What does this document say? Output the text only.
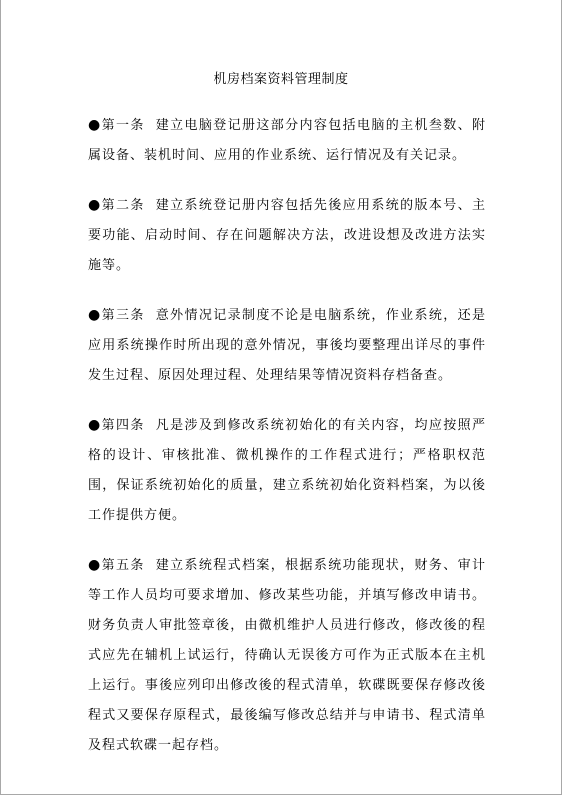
机房档案资料管理制度

●第一条 建立电脑登记册这部分内容包括电脑的主机叁数、附属设备、装机时间、应用的作业系统、运行情况及有关记录。

●第二条 建立系统登记册内容包括先後应用系统的版本号、主要功能、启动时间、存在问题解决方法，改进设想及改进方法实施等。

●第三条 意外情况记录制度不论是电脑系统，作业系统，还是应用系统操作时所出现的意外情况，事後均要整理出详尽的事件发生过程、原因处理过程、处理结果等情况资料存档备查。

●第四条 凡是涉及到修改系统初始化的有关内容，均应按照严格的设计、审核批准、微机操作的工作程式进行；严格职权范围，保证系统初始化的质量，建立系统初始化资料档案，为以後工作提供方便。

●第五条 建立系统程式档案，根据系统功能现状，财务、审计等工作人员均可要求增加、修改某些功能，并填写修改申请书。财务负责人审批签章後，由微机维护人员进行修改，修改後的程式应先在辅机上试运行，待确认无误後方可作为正式版本在主机上运行。事後应列印出修改後的程式清单，软碟既要保存修改後程式又要保存原程式，最後编写修改总结并与申请书、程式清单及程式软碟一起存档。
